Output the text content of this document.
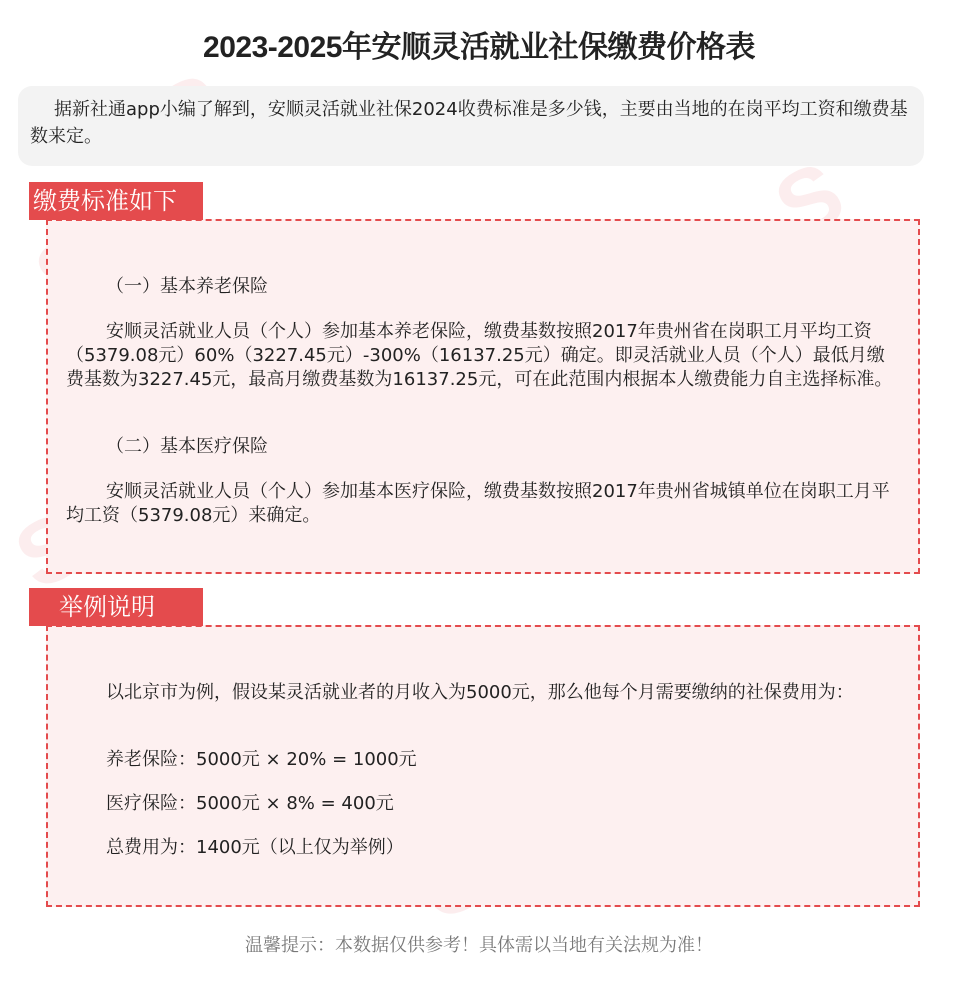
S
2023-2025年安顺灵活就业社保缴费价格表
据新社通app小编了解到，安顺灵活就业社保2024收费标准是多少钱，主要由当地的在岗平均工资和缴费基数来定。
缴费标准如下
（一）基本养老保险
安顺灵活就业人员（个人）参加基本养老保险，缴费基数按照2017年贵州省在岗职工月平均工资（5379.08元）60%（3227.45元）-300%（16137.25元）确定。即灵活就业人员（个人）最低月缴费基数为3227.45元，最高月缴费基数为16137.25元，可在此范围内根据本人缴费能力自主选择标准。
（二）基本医疗保险
安顺灵活就业人员（个人）参加基本医疗保险，缴费基数按照2017年贵州省城镇单位在岗职工月平均工资（5379.08元）来确定。
举例说明
以北京市为例，假设某灵活就业者的月收入为5000元，那么他每个月需要缴纳的社保费用为：
养老保险：5000元 × 20% = 1000元
医疗保险：5000元 × 8% = 400元
总费用为：1400元（以上仅为举例）
温馨提示：本数据仅供参考！具体需以当地有关法规为准！
